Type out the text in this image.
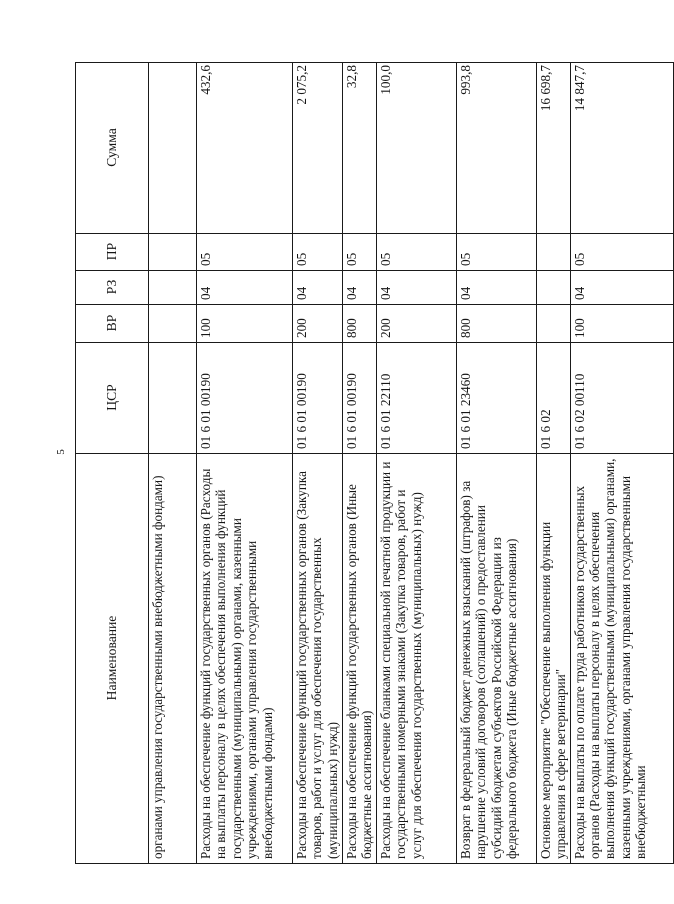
5
Наименование	ЦСР	ВР	РЗ	ПР	Сумма
органами управления государственными внебюджетными фондами)					
Расходы на обеспечение функций государственных органов (Расходы на выплаты персоналу в целях обеспечения выполнения функций государственными (муниципальными) органами, казенными учреждениями, органами управления государственными внебюджетными фондами)	01 6 01 00190	100	04	05	432,6
Расходы на обеспечение функций государственных органов (Закупка товаров, работ и услуг для обеспечения государственных (муниципальных) нужд)	01 6 01 00190	200	04	05	2 075,2
Расходы на обеспечение функций государственных органов (Иные бюджетные ассигнования)	01 6 01 00190	800	04	05	32,8
Расходы на обеспечение бланками специальной печатной продукции и государственными номерными знаками (Закупка товаров, работ и услуг для обеспечения государственных (муниципальных) нужд)	01 6 01 22110	200	04	05	100,0
Возврат в федеральный бюджет денежных взысканий (штрафов) за нарушение условий договоров (соглашений) о предоставлении субсидий бюджетам субъектов Российской Федерации из федерального бюджета (Иные бюджетные ассигнования)	01 6 01 23460	800	04	05	993,8
Основное мероприятие "Обеспечение выполнения функции управления в сфере ветеринарии"	01 6 02				16 698,7
Расходы на выплаты по оплате труда работников государственных органов (Расходы на выплаты персоналу в целях обеспечения выполнения функций государственными (муниципальными) органами, казенными учреждениями, органами управления государственными внебюджетными	01 6 02 00110	100	04	05	14 847,7
